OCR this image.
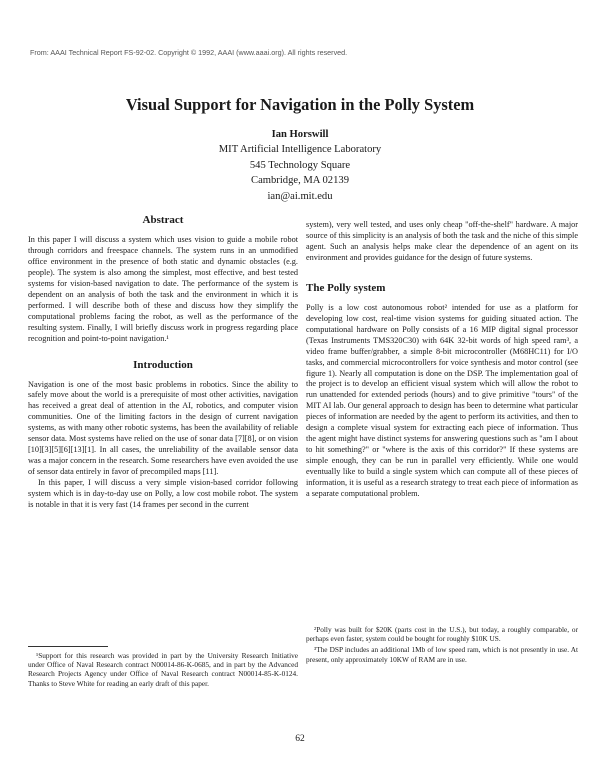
From: AAAI Technical Report FS-92-02. Copyright © 1992, AAAI (www.aaai.org). All rights reserved.
Visual Support for Navigation in the Polly System
Ian Horswill
MIT Artificial Intelligence Laboratory
545 Technology Square
Cambridge, MA 02139
ian@ai.mit.edu
Abstract

In this paper I will discuss a system which uses vision to guide a mobile robot through corridors and freespace channels. The system runs in an unmodified office environment in the presence of both static and dynamic obstacles (e.g. people). The system is also among the simplest, most effective, and best tested systems for vision-based navigation to date. The performance of the system is dependent on an analysis of both the task and the environment in which it is performed. I will describe both of these and discuss how they simplify the computational problems facing the robot, as well as the performance of the resulting system. Finally, I will briefly discuss work in progress regarding place recognition and point-to-point navigation.¹

Introduction

Navigation is one of the most basic problems in robotics. Since the ability to safely move about the world is a prerequisite of most other activities, navigation has received a great deal of attention in the AI, robotics, and computer vision communities. One of the limiting factors in the design of current navigation systems, as with many other robotic systems, has been the availability of reliable sensor data. Most systems have relied on the use of sonar data [7][8], or on vision [10][3][5][6][13][1]. In all cases, the unreliability of the available sensor data was a major concern in the research. Some researchers have even avoided the use of sensor data entirely in favor of precompiled maps [11].

In this paper, I will discuss a very simple vision-based corridor following system which is in day-to-day use on Polly, a low cost mobile robot. The system is notable in that it is very fast (14 frames per second in the current

system), very well tested, and uses only cheap "off-the-shelf" hardware. A major source of this simplicity is an analysis of both the task and the niche of this simple agent. Such an analysis helps make clear the dependence of an agent on its environment and provides guidance for the design of future systems.

The Polly system

Polly is a low cost autonomous robot² intended for use as a platform for developing low cost, real-time vision systems for guiding situated action. The computational hardware on Polly consists of a 16 MIP digital signal processor (Texas Instruments TMS320C30) with 64K 32-bit words of high speed ram³, a video frame buffer/grabber, a simple 8-bit microcontroller (M68HC11) for I/O tasks, and commercial microcontrollers for voice synthesis and motor control (see figure 1). Nearly all computation is done on the DSP. The implementation goal of the project is to develop an efficient visual system which will allow the robot to run unattended for extended periods (hours) and to give primitive "tours" of the MIT AI lab. Our general approach to design has been to determine what particular pieces of information are needed by the agent to perform its activities, and then to design a complete visual system for extracting each piece of information. Thus the agent might have distinct systems for answering questions such as "am I about to hit something?" or "where is the axis of this corridor?" If these systems are simple enough, they can be run in parallel very efficiently. While one would eventually like to build a single system which can compute all of these pieces of information, it is useful as a research strategy to treat each piece of information as a separate computational problem.

¹Support for this research was provided in part by the University Research Initiative under Office of Naval Research contract N00014-86-K-0685, and in part by the Advanced Research Projects Agency under Office of Naval Research contract N00014-85-K-0124. Thanks to Steve White for reading an early draft of this paper.

²Polly was built for $20K (parts cost in the U.S.), but today, a roughly comparable, or perhaps even faster, system could be bought for roughly $10K US.

³The DSP includes an additional 1Mb of low speed ram, which is not presently in use. At present, only approximately 10KW of RAM are in use.

62
